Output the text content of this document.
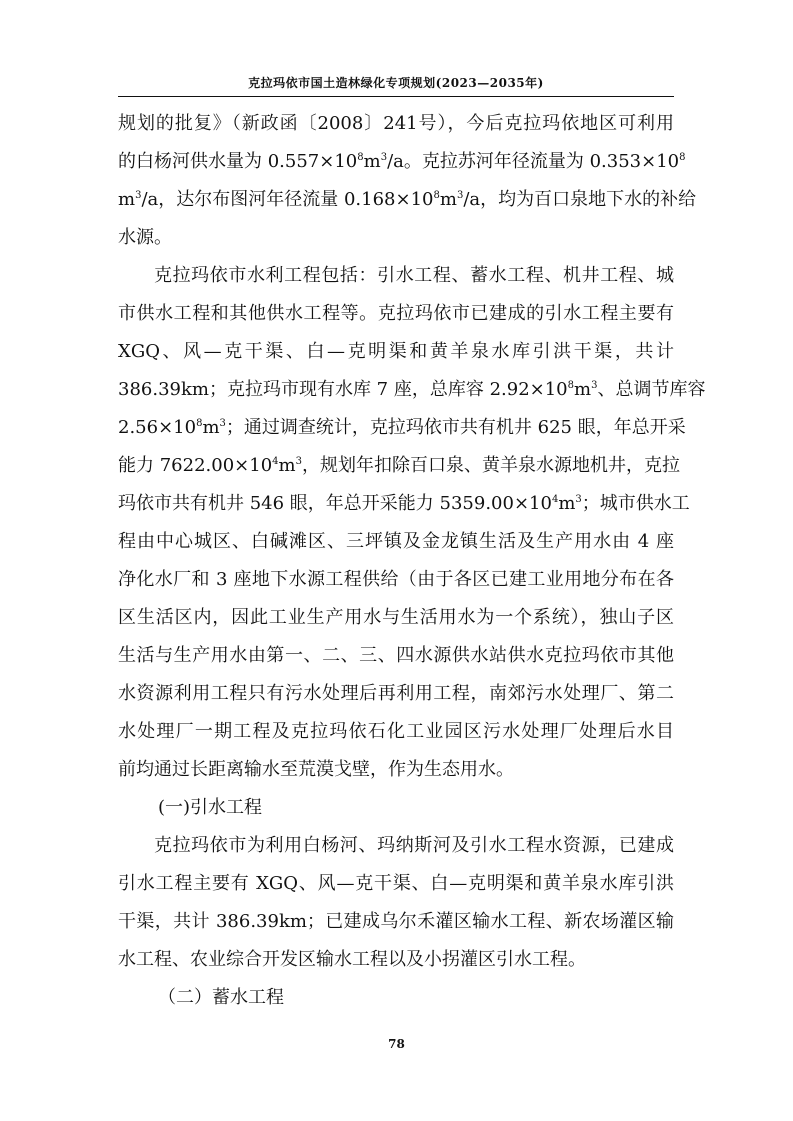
克拉玛依市国土造林绿化专项规划(2023—2035年)
规划的批复》（新政函〔2008〕241号），今后克拉玛依地区可利用
的白杨河供水量为 $0.557\times 10^8m^3/a$。克拉苏河年径流量为 $0.353\times 10^8$
$m^3/a$，达尔布图河年径流量 $0.168\times 10^8m^3/a$，均为百口泉地下水的补给
水源。
克拉玛依市水利工程包括：引水工程、蓄水工程、机井工程、城
市供水工程和其他供水工程等。克拉玛依市已建成的引水工程主要有
XGQ、风—克干渠、白—克明渠和黄羊泉水库引洪干渠，共计
386.39km；克拉玛市现有水库 7 座，总库容 $2.92\times 10^8m^3$、总调节库容
$2.56\times 10^8m^3$；通过调查统计，克拉玛依市共有机井 625 眼，年总开采
能力 $7622.00\times 10^4m^3$，规划年扣除百口泉、黄羊泉水源地机井，克拉
玛依市共有机井 546 眼，年总开采能力 $5359.00\times 10^4m^3$；城市供水工
程由中心城区、白碱滩区、三坪镇及金龙镇生活及生产用水由 4 座
净化水厂和 3 座地下水源工程供给（由于各区已建工业用地分布在各
区生活区内，因此工业生产用水与生活用水为一个系统），独山子区
生活与生产用水由第一、二、三、四水源供水站供水克拉玛依市其他
水资源利用工程只有污水处理后再利用工程，南郊污水处理厂、第二
水处理厂一期工程及克拉玛依石化工业园区污水处理厂处理后水目
前均通过长距离输水至荒漠戈壁，作为生态用水。
(一)引水工程
克拉玛依市为利用白杨河、玛纳斯河及引水工程水资源，已建成
引水工程主要有 XGQ、风—克干渠、白—克明渠和黄羊泉水库引洪
干渠，共计 386.39km；已建成乌尔禾灌区输水工程、新农场灌区输
水工程、农业综合开发区输水工程以及小拐灌区引水工程。
（二）蓄水工程
78
